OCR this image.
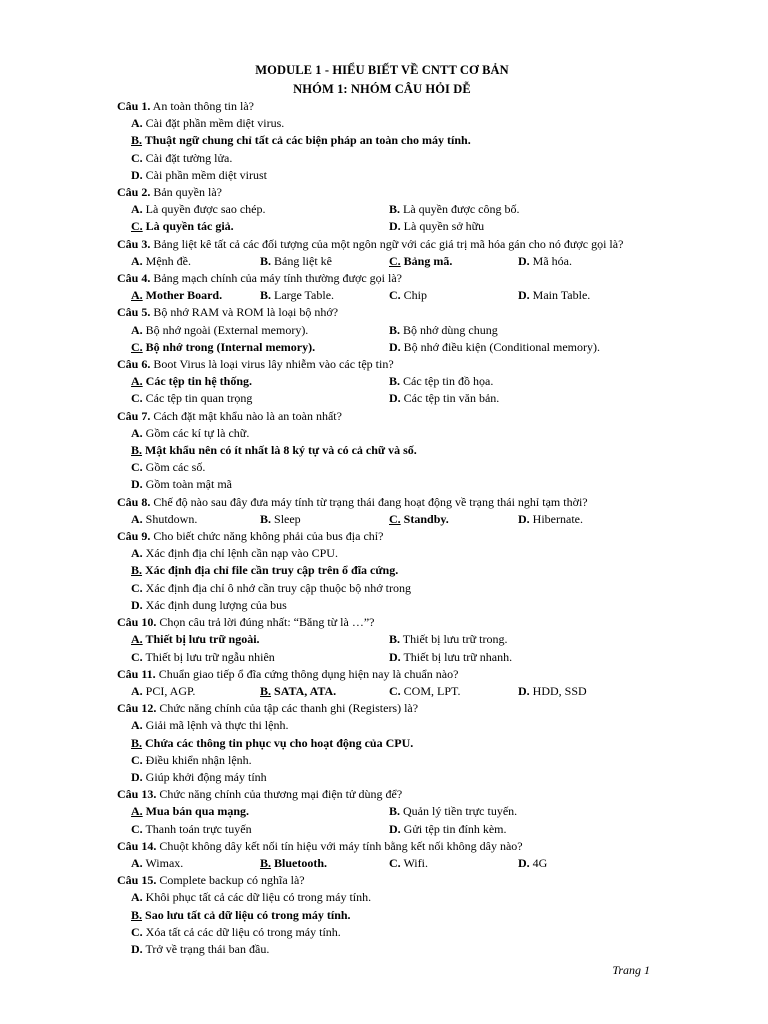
MODULE 1 - HIỂU BIẾT VỀ CNTT CƠ BẢN
NHÓM 1: NHÓM CÂU HỎI DỄ
Câu 1. An toàn thông tin là?
A. Cài đặt phần mềm diệt virus.
B. Thuật ngữ chung chỉ tất cả các biện pháp an toàn cho máy tính.
C. Cài đặt tường lửa.
D. Cài phần mềm diệt virust
Câu 2. Bản quyền là?
A. Là quyền được sao chép.	B. Là quyền được công bố.
C. Là quyền tác giả.	D. Là quyền sở hữu
Câu 3. Bảng liệt kê tất cả các đối tượng của một ngôn ngữ với các giá trị mã hóa gán cho nó được gọi là?
A. Mệnh đề.	B. Bảng liệt kê	C. Bảng mã.	D. Mã hóa.
Câu 4. Bảng mạch chính của máy tính thường được gọi là?
A. Mother Board.	B. Large Table.	C. Chip	D. Main Table.
Câu 5. Bộ nhớ RAM và ROM là loại bộ nhớ?
A. Bộ nhớ ngoài (External memory).	B. Bộ nhớ dùng chung
C. Bộ nhớ trong (Internal memory).	D. Bộ nhớ điều kiện (Conditional memory).
Câu 6. Boot Virus là loại virus lây nhiễm vào các tệp tin?
A. Các tệp tin hệ thống.	B. Các tệp tin đồ họa.
C. Các tệp tin quan trọng	D. Các tệp tin văn bản.
Câu 7. Cách đặt mật khẩu nào là an toàn nhất?
A. Gồm các kí tự là chữ.
B. Mật khẩu nên có ít nhất là 8 ký tự và có cả chữ và số.
C. Gồm các số.
D. Gồm toàn mật mã
Câu 8. Chế độ nào sau đây đưa máy tính từ trạng thái đang hoạt động về trạng thái nghỉ tạm thời?
A. Shutdown.	B. Sleep	C. Standby.	D. Hibernate.
Câu 9. Cho biết chức năng không phải của bus địa chỉ?
A. Xác định địa chỉ lệnh cần nạp vào CPU.
B. Xác định địa chỉ file cần truy cập trên ổ đĩa cứng.
C. Xác định địa chỉ ô nhớ cần truy cập thuộc bộ nhớ trong
D. Xác định dung lượng của bus
Câu 10. Chọn câu trả lời đúng nhất: “Băng từ là …”?
A. Thiết bị lưu trữ ngoài.	B. Thiết bị lưu trữ trong.
C. Thiết bị lưu trữ ngẫu nhiên	D. Thiết bị lưu trữ nhanh.
Câu 11. Chuẩn giao tiếp ổ đĩa cứng thông dụng hiện nay là chuẩn nào?
A. PCI, AGP.	B. SATA, ATA.	C. COM, LPT.	D. HDD, SSD
Câu 12. Chức năng chính của tập các thanh ghi (Registers) là?
A. Giải mã lệnh và thực thi lệnh.
B. Chứa các thông tin phục vụ cho hoạt động của CPU.
C. Điều khiển nhận lệnh.
D. Giúp khởi động máy tính
Câu 13. Chức năng chính của thương mại điện tử dùng để?
A. Mua bán qua mạng.	B. Quản lý tiền trực tuyến.
C. Thanh toán trực tuyến	D. Gửi tệp tin đính kèm.
Câu 14. Chuột không dây kết nối tín hiệu với máy tính bằng kết nối không dây nào?
A. Wimax.	B. Bluetooth.	C. Wifi.	D. 4G
Câu 15. Complete backup có nghĩa là?
A. Khôi phục tất cả các dữ liệu có trong máy tính.
B. Sao lưu tất cả dữ liệu có trong máy tính.
C. Xóa tất cả các dữ liệu có trong máy tính.
D. Trở về trạng thái ban đầu.
Trang 1
